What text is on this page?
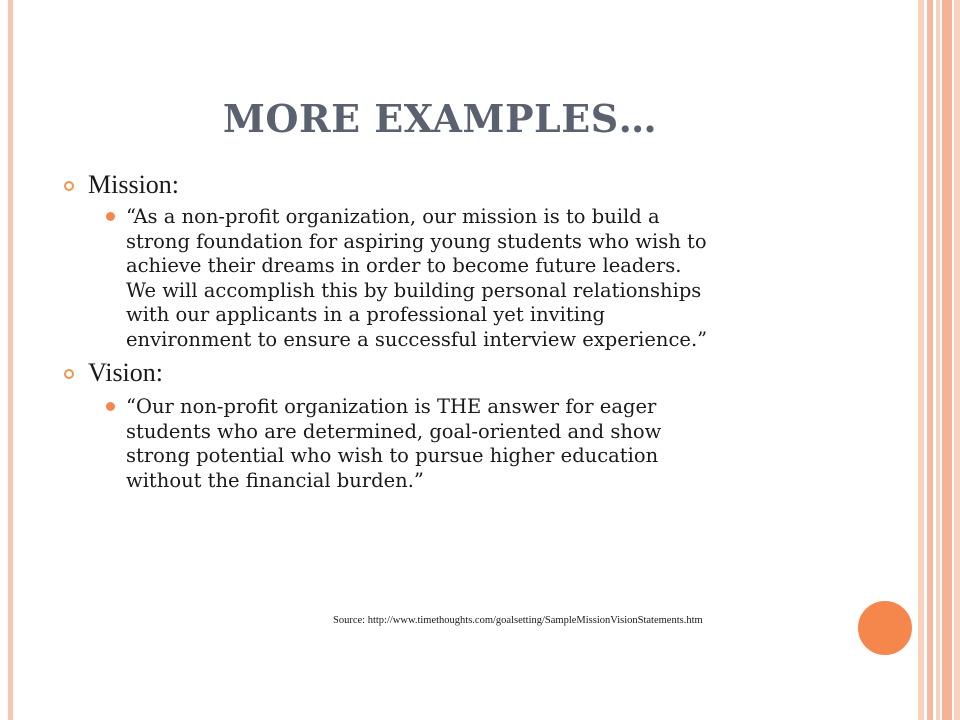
MORE EXAMPLES…
Mission:
“As a non-profit organization, our mission is to build a
strong foundation for aspiring young students who wish to
achieve their dreams in order to become future leaders.
We will accomplish this by building personal relationships
with our applicants in a professional yet inviting
environment to ensure a successful interview experience.”
Vision:
“Our non-profit organization is THE answer for eager
students who are determined, goal-oriented and show
strong potential who wish to pursue higher education
without the financial burden.”
Source: http://www.timethoughts.com/goalsetting/SampleMissionVisionStatements.htm
